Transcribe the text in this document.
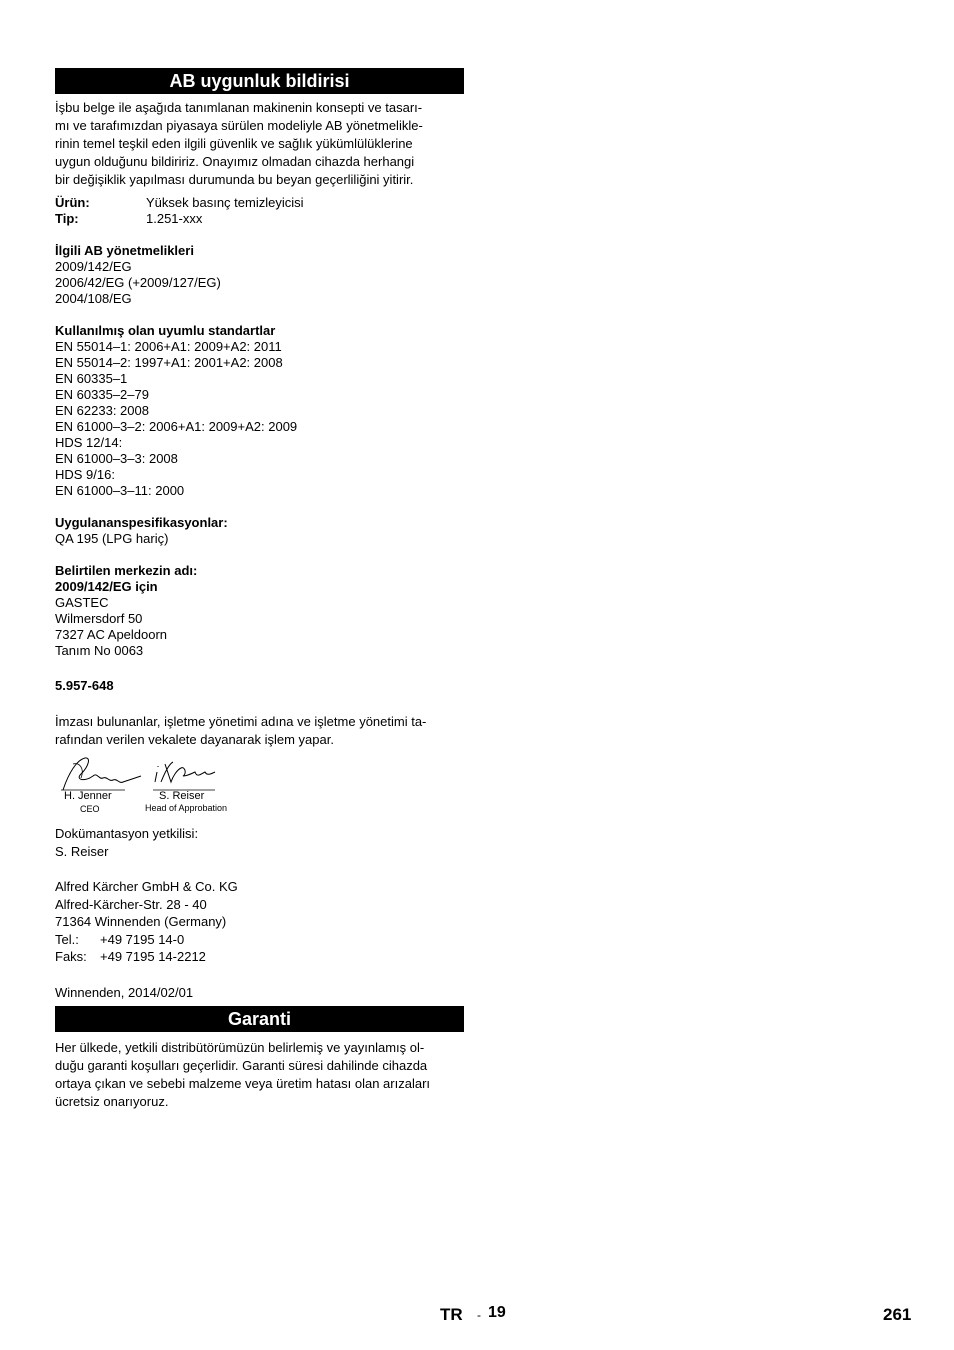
AB uygunluk bildirisi
İşbu belge ile aşağıda tanımlanan makinenin konsepti ve tasarı-
mı ve tarafımızdan piyasaya sürülen modeliyle AB yönetmelikle-
rinin temel teşkil eden ilgili güvenlik ve sağlık yükümlülüklerine
uygun olduğunu bildiririz. Onayımız olmadan cihazda herhangi
bir değişiklik yapılması durumunda bu beyan geçerliliğini yitirir.
Ürün:	Yüksek basınç temizleyicisi
Tip:	1.251-xxx
İlgili AB yönetmelikleri
2009/142/EG
2006/42/EG (+2009/127/EG)
2004/108/EG
Kullanılmış olan uyumlu standartlar
EN 55014–1: 2006+A1: 2009+A2: 2011
EN 55014–2: 1997+A1: 2001+A2: 2008
EN 60335–1
EN 60335–2–79
EN 62233: 2008
EN 61000–3–2: 2006+A1: 2009+A2: 2009
HDS 12/14:
EN 61000–3–3: 2008
HDS 9/16:
EN 61000–3–11: 2000
Uygulananspesifikasyonlar:
QA 195 (LPG hariç)
Belirtilen merkezin adı:
2009/142/EG için
GASTEC
Wilmersdorf 50
7327 AC Apeldoorn
Tanım No 0063
5.957-648
İmzası bulunanlar, işletme yönetimi adına ve işletme yönetimi ta-
rafından verilen vekalete dayanarak işlem yapar.
H. Jenner
CEO
S. Reiser
Head of Approbation
Dokümantasyon yetkilisi:
S. Reiser
Alfred Kärcher GmbH & Co. KG
Alfred-Kärcher-Str. 28 - 40
71364 Winnenden (Germany)
Tel.:	+49 7195 14-0
Faks:	+49 7195 14-2212
Winnenden, 2014/02/01
Garanti
Her ülkede, yetkili distribütörümüzün belirlemiş ve yayınlamış ol-
duğu garanti koşulları geçerlidir. Garanti süresi dahilinde cihazda
ortaya çıkan ve sebebi malzeme veya üretim hatası olan arızaları
ücretsiz onarıyoruz.
TR - 19	261
